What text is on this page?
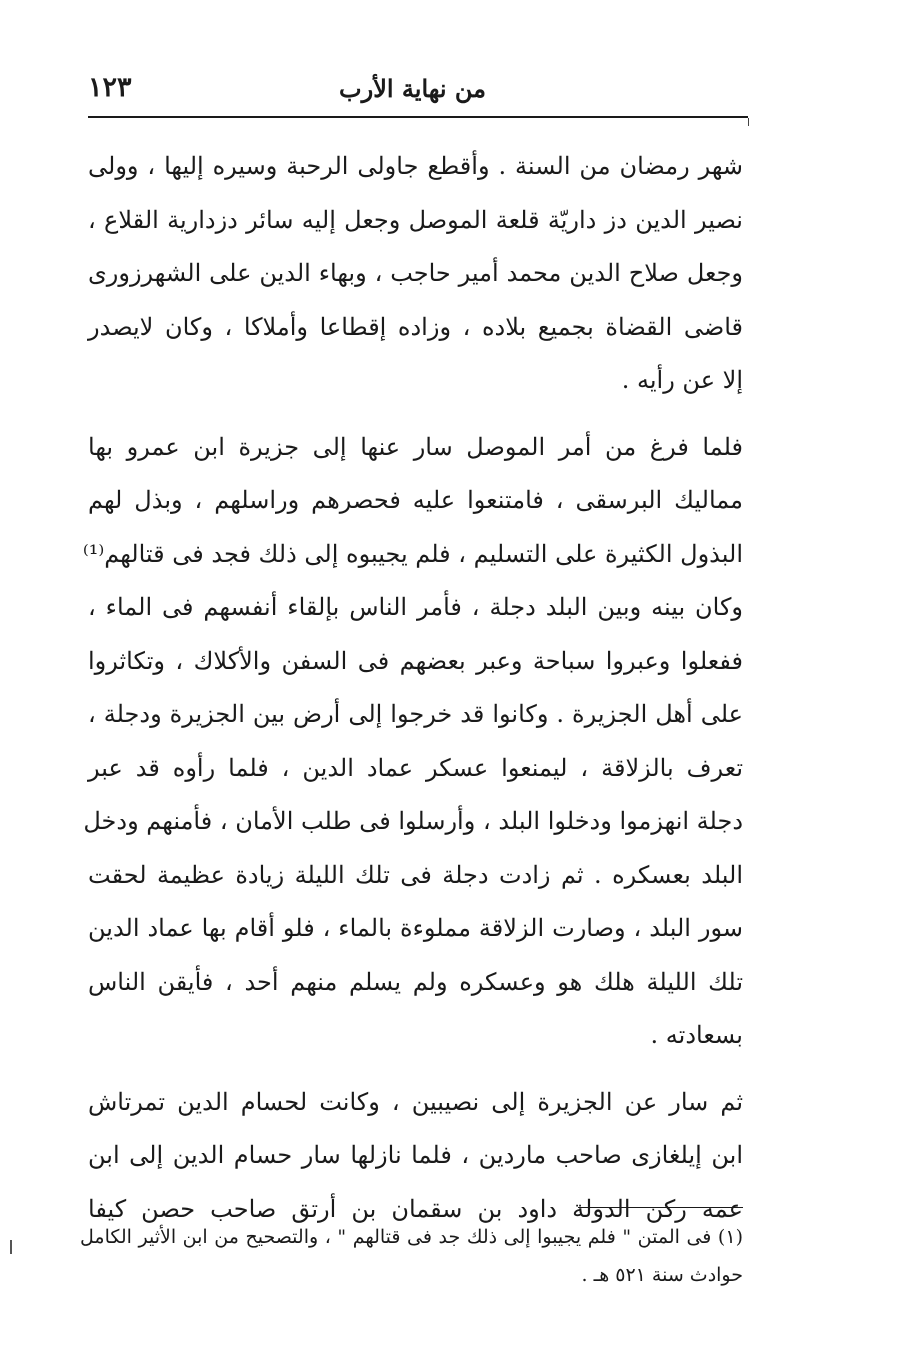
من نهاية الأرب
١٢٣
شهر رمضان من السنة . وأقطع جاولى الرحبة وسيره إليها ، وولى
نصير الدين دز داريّة قلعة الموصل وجعل إليه سائر دزدارية القلاع ،
وجعل صلاح الدين محمد أمير حاجب ، وبهاء الدين على الشهرزورى
قاضى القضاة بجميع بلاده ، وزاده إقطاعا وأملاكا ، وكان لايصدر
إلا عن رأيه .
فلما فرغ من أمر الموصل سار عنها إلى جزيرة ابن عمرو بها
مماليك البرسقى ، فامتنعوا عليه فحصرهم وراسلهم ، وبذل لهم
البذول الكثيرة على التسليم ، فلم يجيبوه إلى ذلك فجد فى قتالهم⁽¹⁾
وكان بينه وبين البلد دجلة ، فأمر الناس بإلقاء أنفسهم فى الماء ،
ففعلوا وعبروا سباحة وعبر بعضهم فى السفن والأكلاك ، وتكاثروا
على أهل الجزيرة . وكانوا قد خرجوا إلى أرض بين الجزيرة ودجلة ،
تعرف بالزلاقة ، ليمنعوا عسكر عماد الدين ، فلما رأوه قد عبر
دجلة انهزموا ودخلوا البلد ، وأرسلوا فى طلب الأمان ، فأمنهم ودخل
البلد بعسكره . ثم زادت دجلة فى تلك الليلة زيادة عظيمة لحقت
سور البلد ، وصارت الزلاقة مملوءة بالماء ، فلو أقام بها عماد الدين
تلك الليلة هلك هو وعسكره ولم يسلم منهم أحد ، فأيقن الناس
بسعادته .
ثم سار عن الجزيرة إلى نصيبين ، وكانت لحسام الدين تمرتاش
ابن إيلغازى صاحب ماردين ، فلما نازلها سار حسام الدين إلى ابن
عمه ركن الدولة داود بن سقمان بن أرتق صاحب حصن كيفا
(١) فى المتن " فلم يجيبوا إلى ذلك جد فى قتالهم " ، والتصحيح من ابن الأثير الكامل
حوادث سنة ٥٢١ هـ .
